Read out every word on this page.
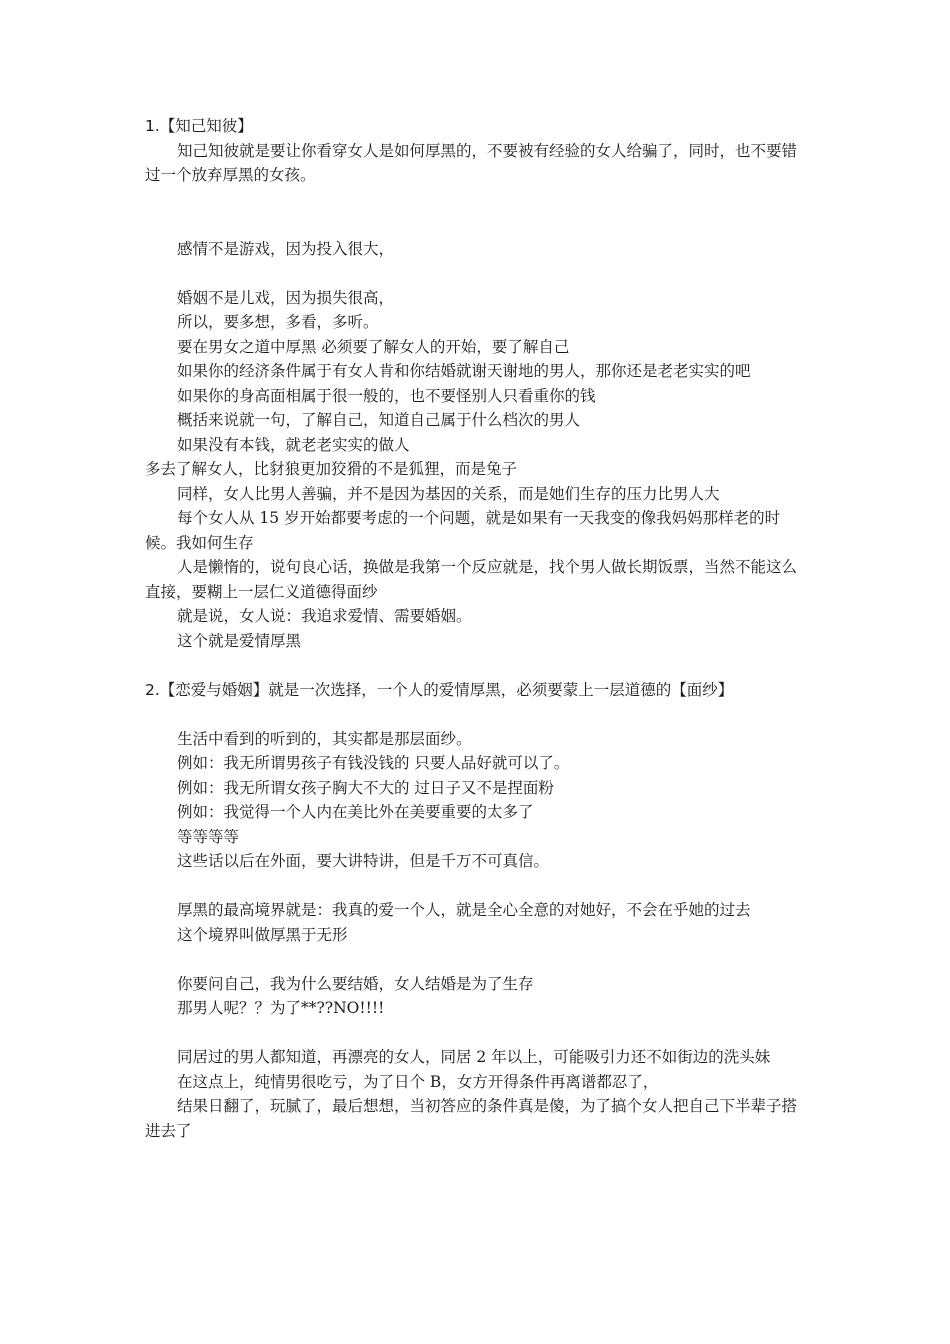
1.【知己知彼】

知己知彼就是要让你看穿女人是如何厚黑的，不要被有经验的女人给骗了，同时，也不要错过一个放弃厚黑的女孩。

感情不是游戏，因为投入很大，

婚姻不是儿戏，因为损失很高，

所以，要多想，多看，多听。

要在男女之道中厚黑 必须要了解女人的开始，要了解自己

如果你的经济条件属于有女人肯和你结婚就谢天谢地的男人，那你还是老老实实的吧

如果你的身高面相属于很一般的，也不要怪别人只看重你的钱

概括来说就一句，了解自己，知道自己属于什么档次的男人

如果没有本钱，就老老实实的做人

多去了解女人，比豺狼更加狡猾的不是狐狸，而是兔子

同样，女人比男人善骗，并不是因为基因的关系，而是她们生存的压力比男人大

每个女人从 15 岁开始都要考虑的一个问题，就是如果有一天我变的像我妈妈那样老的时候。我如何生存

人是懒惰的，说句良心话，换做是我第一个反应就是，找个男人做长期饭票，当然不能这么直接，要糊上一层仁义道德得面纱

就是说，女人说：我追求爱情、需要婚姻。

这个就是爱情厚黑

2.【恋爱与婚姻】就是一次选择，一个人的爱情厚黑，必须要蒙上一层道德的【面纱】

生活中看到的听到的，其实都是那层面纱。

例如：我无所谓男孩子有钱没钱的 只要人品好就可以了。

例如：我无所谓女孩子胸大不大的 过日子又不是捏面粉

例如：我觉得一个人内在美比外在美要重要的太多了

等等等等

这些话以后在外面，要大讲特讲，但是千万不可真信。

厚黑的最高境界就是：我真的爱一个人，就是全心全意的对她好，不会在乎她的过去

这个境界叫做厚黑于无形

你要问自己，我为什么要结婚，女人结婚是为了生存

那男人呢？？为了**??NO!!!!

同居过的男人都知道，再漂亮的女人，同居 2 年以上，可能吸引力还不如街边的洗头妹

在这点上，纯情男很吃亏，为了日个 B，女方开得条件再离谱都忍了，

结果日翻了，玩腻了，最后想想，当初答应的条件真是傻，为了搞个女人把自己下半辈子搭进去了
